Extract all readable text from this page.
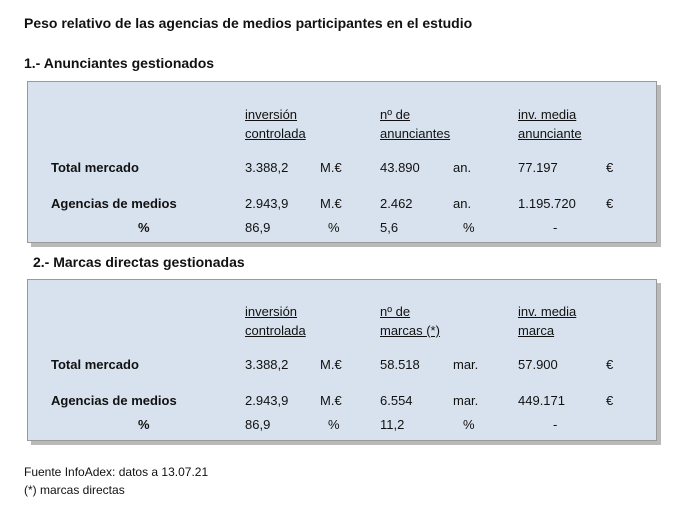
Peso relativo de las agencias de medios participantes en el estudio
1.- Anunciantes gestionados
inversión
controlada
nº de
anunciantes
inv. media
anunciante
Total mercado	3.388,2 M.€	43.890	an.	77.197	€
Agencias de medios	2.943,9 M.€	2.462	an.	1.195.720 €
%	86,9	%	5,6	%	-
2.- Marcas directas gestionadas
inversión
controlada
nº de
marcas (*)
inv. media
marca
Total mercado	3.388,2 M.€	58.518	mar.	57.900	€
Agencias de medios	2.943,9 M.€	6.554	mar.	449.171	€
%	86,9	%	11,2	%	-
Fuente InfoAdex: datos a 13.07.21
(*) marcas directas
